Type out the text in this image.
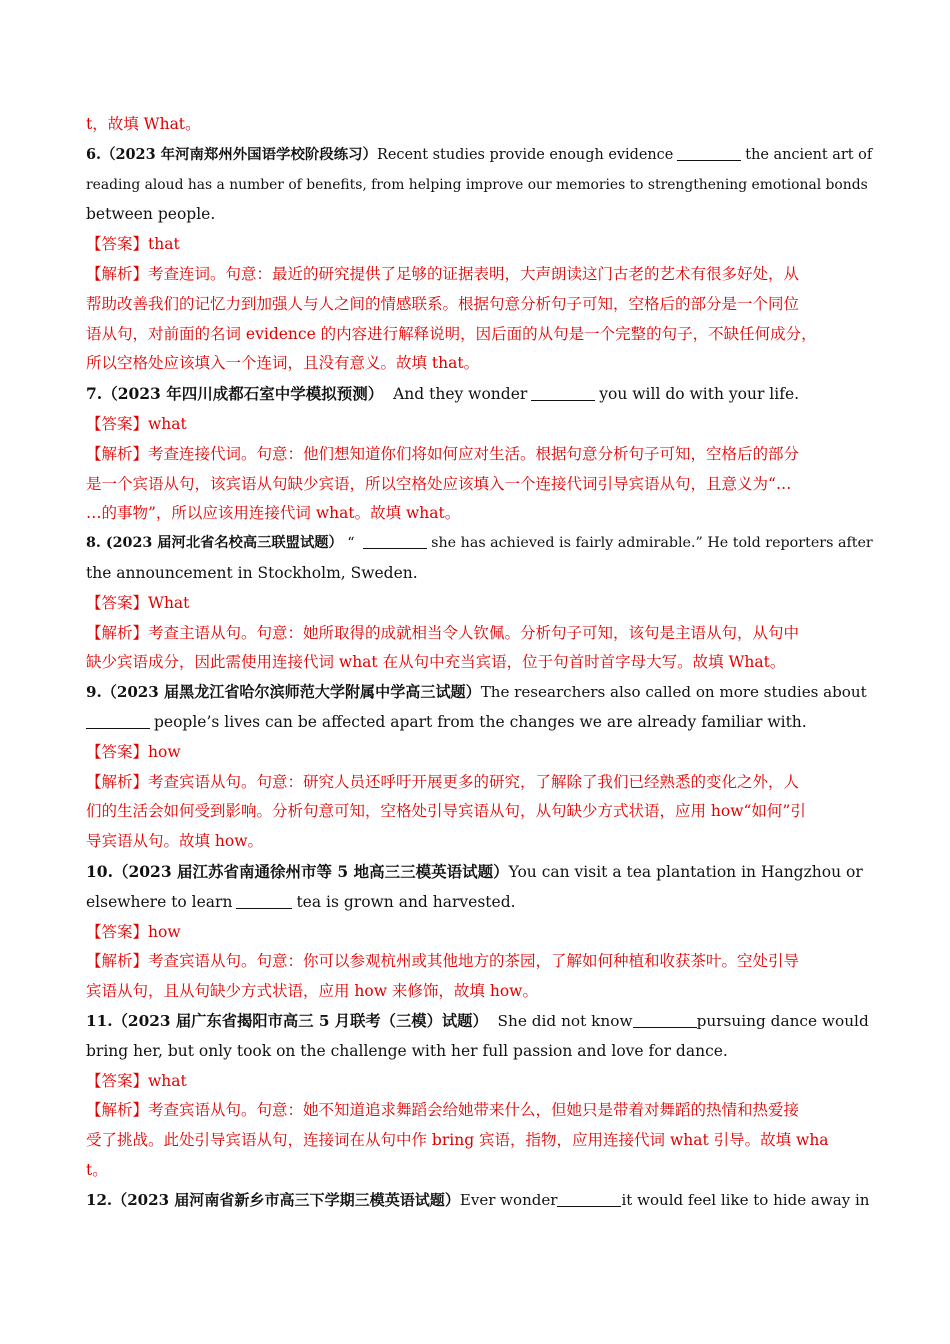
t，故填 What。
6.（2023 年河南郑州外国语学校阶段练习）Recent studies provide enough evidence	the ancient art of
reading aloud has a number of benefits, from helping improve our memories to strengthening emotional bonds
between people.
【答案】that
【解析】考查连词。句意：最近的研究提供了足够的证据表明，大声朗读这门古老的艺术有很多好处，从
帮助改善我们的记忆力到加强人与人之间的情感联系。根据句意分析句子可知，空格后的部分是一个同位
语从句，对前面的名词 evidence 的内容进行解释说明，因后面的从句是一个完整的句子，不缺任何成分，
所以空格处应该填入一个连词，且没有意义。故填 that。
7.（2023 年四川成都石室中学模拟预测） And they wonder	you will do with your life.
【答案】what
【解析】考查连接代词。句意：他们想知道你们将如何应对生活。根据句意分析句子可知，空格后的部分
是一个宾语从句，该宾语从句缺少宾语，所以空格处应该填入一个连接代词引导宾语从句，且意义为“…
…的事物”，所以应该用连接代词 what。故填 what。
8. (2023 届河北省名校高三联盟试题） “	she has achieved is fairly admirable.” He told reporters after
the announcement in Stockholm, Sweden.
【答案】What
【解析】考查主语从句。句意：她所取得的成就相当令人钦佩。分析句子可知，该句是主语从句，从句中
缺少宾语成分，因此需使用连接代词 what 在从句中充当宾语，位于句首时首字母大写。故填 What。
9.（2023 届黑龙江省哈尔滨师范大学附属中学高三试题）The researchers also called on more studies about
people’s lives can be affected apart from the changes we are already familiar with.
【答案】how
【解析】考查宾语从句。句意：研究人员还呼吁开展更多的研究，了解除了我们已经熟悉的变化之外，人
们的生活会如何受到影响。分析句意可知，空格处引导宾语从句，从句缺少方式状语，应用 how“如何”引
导宾语从句。故填 how。
10.（2023 届江苏省南通徐州市等 5 地高三三模英语试题）You can visit a tea plantation in Hangzhou or
elsewhere to learn	tea is grown and harvested.
【答案】how
【解析】考查宾语从句。句意：你可以参观杭州或其他地方的茶园，了解如何种植和收获茶叶。空处引导
宾语从句，且从句缺少方式状语，应用 how 来修饰，故填 how。
11.（2023 届广东省揭阳市高三 5 月联考（三模）试题） She did not know	pursuing dance would
bring her, but only took on the challenge with her full passion and love for dance.
【答案】what
【解析】考查宾语从句。句意：她不知道追求舞蹈会给她带来什么，但她只是带着对舞蹈的热情和热爱接
受了挑战。此处引导宾语从句，连接词在从句中作 bring 宾语，指物，应用连接代词 what 引导。故填 wha
t。
12.（2023 届河南省新乡市高三下学期三模英语试题）Ever wonder	it would feel like to hide away in
